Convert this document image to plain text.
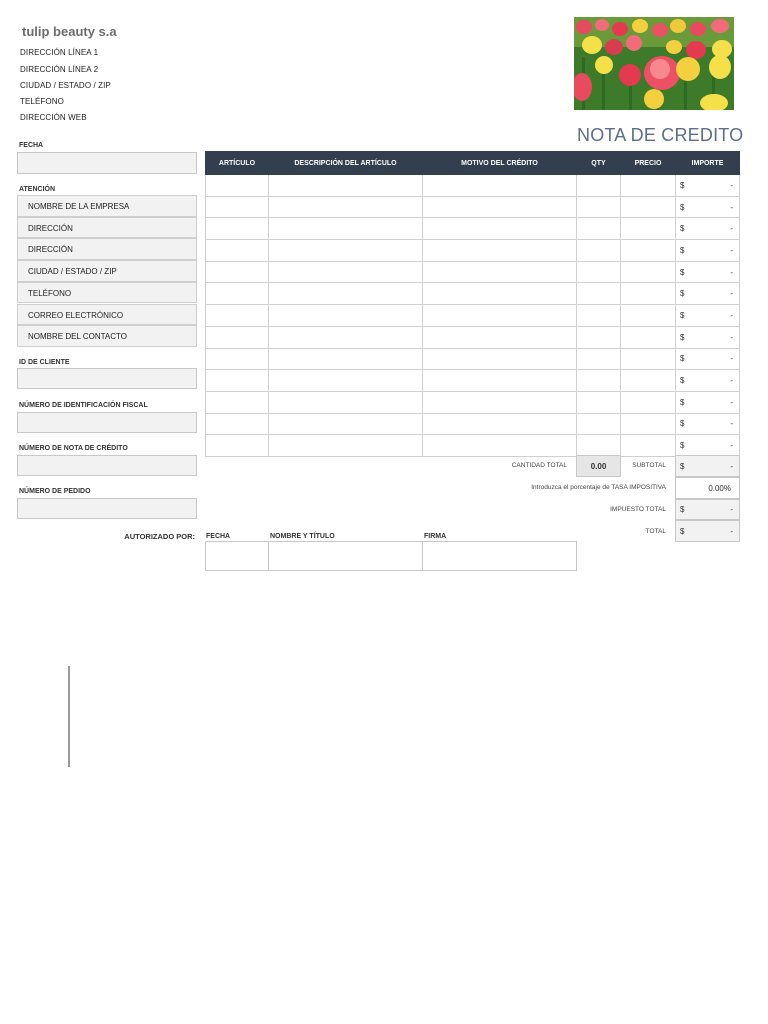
tulip beauty s.a
DIRECCIÓN LÍNEA 1
DIRECCIÓN LÍNEA 2
CIUDAD / ESTADO / ZIP
TELÉFONO
DIRECCIÓN WEB
NOTA DE CREDITO
FECHA
ATENCIÓN
NOMBRE DE LA EMPRESA
DIRECCIÓN
DIRECCIÓN
CIUDAD / ESTADO / ZIP
TELÉFONO
CORREO ELECTRÓNICO
NOMBRE DEL CONTACTO
ID DE CLIENTE
NÚMERO DE IDENTIFICACIÓN FISCAL
NÚMERO DE NOTA DE CRÉDITO
NÚMERO DE PEDIDO
ARTÍCULO	DESCRIPCIÓN DEL ARTÍCULO	MOTIVO DEL CRÉDITO	QTY	PRECIO	IMPORTE

					$ -

					$ -

					$ -

					$ -

					$ -

					$ -

					$ -

					$ -

					$ -

					$ -

					$ -

					$ -

					$ -
CANTIDAD TOTAL	0.00	SUBTOTAL $	-
Introduzca el porcentaje de TASA IMPOSITIVA	0.00%
IMPUESTO TOTAL $	-
TOTAL $	-
AUTORIZADO POR: FECHA	NOMBRE Y TÍTULO	FIRMA
